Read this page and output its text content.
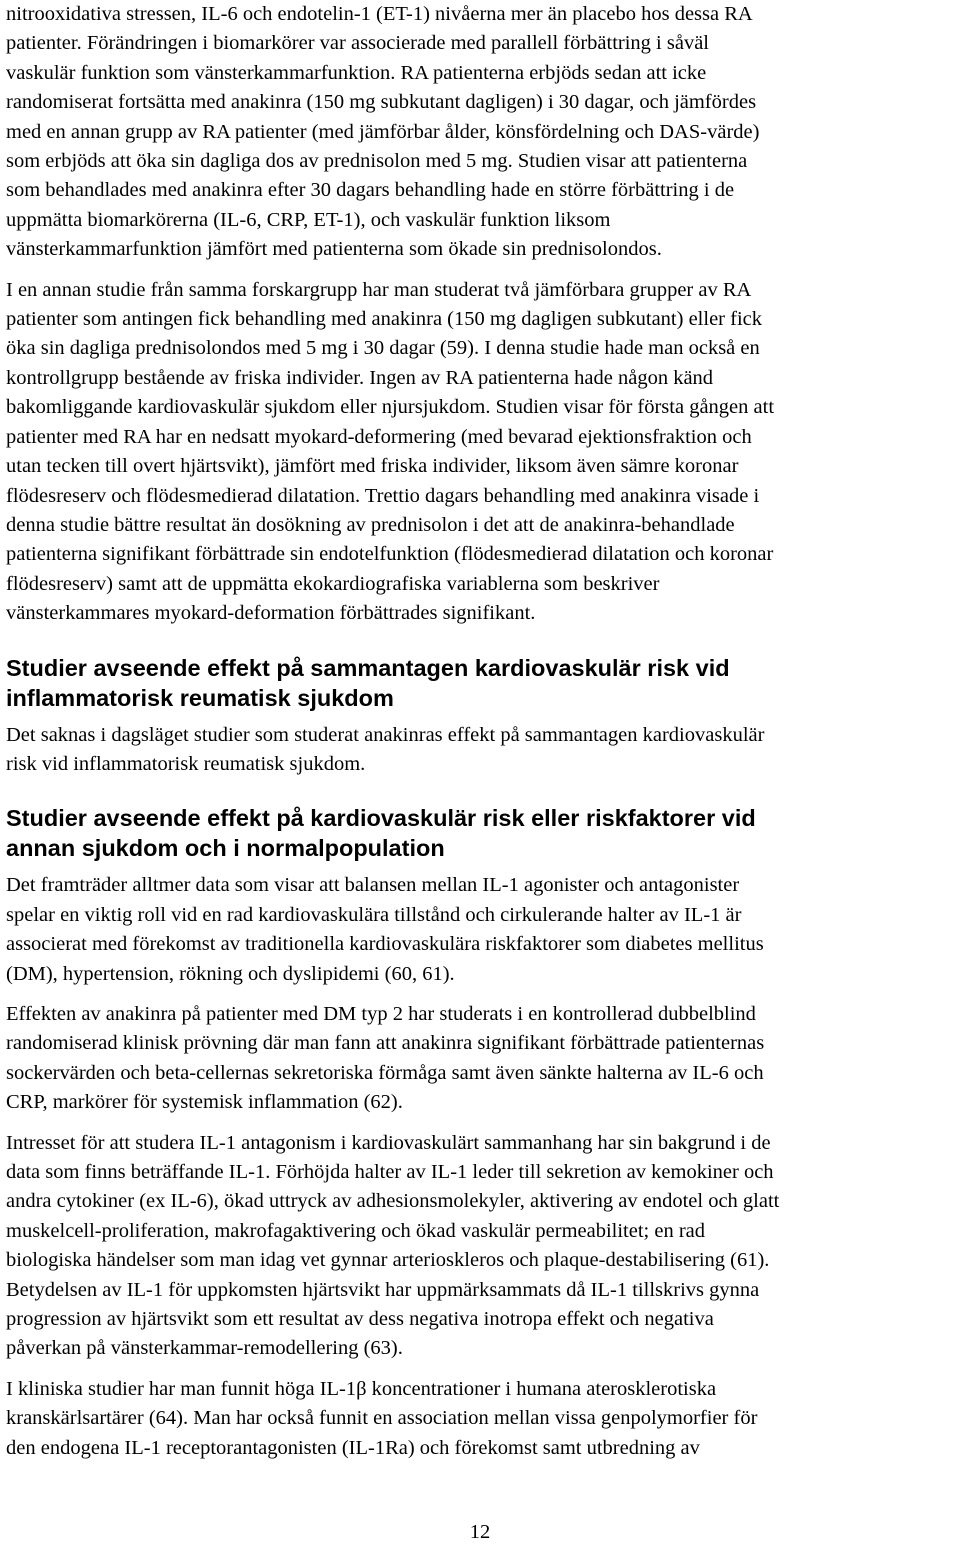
nitrooxidativa stressen, IL-6 och endotelin-1 (ET-1) nivåerna mer än placebo hos dessa RA
patienter. Förändringen i biomarkörer var associerade med parallell förbättring i såväl
vaskulär funktion som vänsterkammarfunktion. RA patienterna erbjöds sedan att icke
randomiserat fortsätta med anakinra (150 mg subkutant dagligen) i 30 dagar, och jämfördes
med en annan grupp av RA patienter (med jämförbar ålder, könsfördelning och DAS-värde)
som erbjöds att öka sin dagliga dos av prednisolon med 5 mg. Studien visar att patienterna
som behandlades med anakinra efter 30 dagars behandling hade en större förbättring i de
uppmätta biomarkörerna (IL-6, CRP, ET-1), och vaskulär funktion liksom
vänsterkammarfunktion jämfört med patienterna som ökade sin prednisolondos.

I en annan studie från samma forskargrupp har man studerat två jämförbara grupper av RA
patienter som antingen fick behandling med anakinra (150 mg dagligen subkutant) eller fick
öka sin dagliga prednisolondos med 5 mg i 30 dagar (59). I denna studie hade man också en
kontrollgrupp bestående av friska individer. Ingen av RA patienterna hade någon känd
bakomliggande kardiovaskulär sjukdom eller njursjukdom. Studien visar för första gången att
patienter med RA har en nedsatt myokard-deformering (med bevarad ejektionsfraktion och
utan tecken till overt hjärtsvikt), jämfört med friska individer, liksom även sämre koronar
flödesreserv och flödesmedierad dilatation. Trettio dagars behandling med anakinra visade i
denna studie bättre resultat än dosökning av prednisolon i det att de anakinra-behandlade
patienterna signifikant förbättrade sin endotelfunktion (flödesmedierad dilatation och koronar
flödesreserv) samt att de uppmätta ekokardiografiska variablerna som beskriver
vänsterkammares myokard-deformation förbättrades signifikant.

Studier avseende effekt på sammantagen kardiovaskulär risk vid
inflammatorisk reumatisk sjukdom

Det saknas i dagsläget studier som studerat anakinras effekt på sammantagen kardiovaskulär
risk vid inflammatorisk reumatisk sjukdom.

Studier avseende effekt på kardiovaskulär risk eller riskfaktorer vid
annan sjukdom och i normalpopulation

Det framträder alltmer data som visar att balansen mellan IL-1 agonister och antagonister
spelar en viktig roll vid en rad kardiovaskulära tillstånd och cirkulerande halter av IL-1 är
associerat med förekomst av traditionella kardiovaskulära riskfaktorer som diabetes mellitus
(DM), hypertension, rökning och dyslipidemi (60, 61).

Effekten av anakinra på patienter med DM typ 2 har studerats i en kontrollerad dubbelblind
randomiserad klinisk prövning där man fann att anakinra signifikant förbättrade patienternas
sockervärden och beta-cellernas sekretoriska förmåga samt även sänkte halterna av IL-6 och
CRP, markörer för systemisk inflammation (62).

Intresset för att studera IL-1 antagonism i kardiovaskulärt sammanhang har sin bakgrund i de
data som finns beträffande IL-1. Förhöjda halter av IL-1 leder till sekretion av kemokiner och
andra cytokiner (ex IL-6), ökad uttryck av adhesionsmolekyler, aktivering av endotel och glatt
muskelcell-proliferation, makrofagaktivering och ökad vaskulär permeabilitet; en rad
biologiska händelser som man idag vet gynnar arterioskleros och plaque-destabilisering (61).
Betydelsen av IL-1 för uppkomsten hjärtsvikt har uppmärksammats då IL-1 tillskrivs gynna
progression av hjärtsvikt som ett resultat av dess negativa inotropa effekt och negativa
påverkan på vänsterkammar-remodellering (63).

I kliniska studier har man funnit höga IL-1β koncentrationer i humana aterosklerotiska
kranskärlsartärer (64). Man har också funnit en association mellan vissa genpolymorfier för
den endogena IL-1 receptorantagonisten (IL-1Ra) och förekomst samt utbredning av

12
